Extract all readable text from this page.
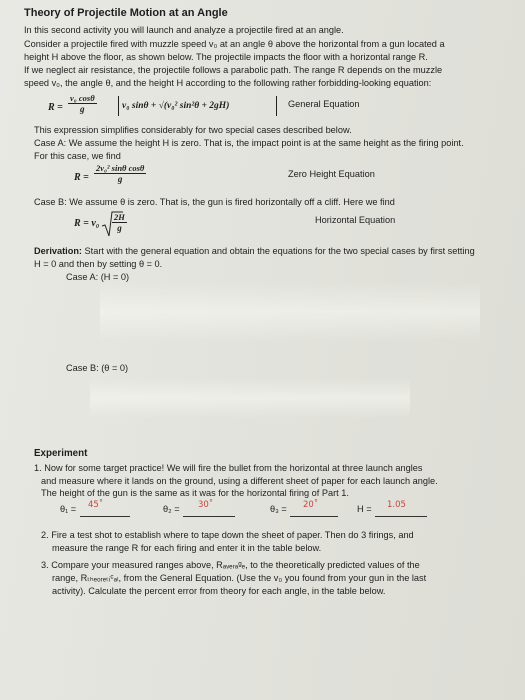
Theory of Projectile Motion at an Angle
In this second activity you will launch and analyze a projectile fired at an angle.
Consider a projectile fired with muzzle speed v₀ at an angle θ above the horizontal from a gun located a
height H above the floor, as shown below. The projectile impacts the floor with a horizontal range R.
If we neglect air resistance, the projectile follows a parabolic path. The range R depends on the muzzle
speed v₀, the angle θ, and the height H according to the following rather forbidding-looking equation:
$R = \frac{\text{v₀ cosθ}}{g}$	v₀ sinθ + √(v₀² sin²θ + 2gH)	General Equation
This expression simplifies considerably for two special cases described below.
Case A: We assume the height H is zero. That is, the impact point is at the same height as the firing point.
For this case, we find
$R = \frac{\text{2v₀² sinθ cosθ}}{g}$	Zero Height Equation
Case B: We assume θ is zero. That is, the gun is fired horizontally off a cliff. Here we find
$R = v_0 \frac{2H}{g}$	Horizontal Equation
Derivation: Start with the general equation and obtain the equations for the two special cases by first setting
H = 0 and then by setting θ = 0.
Case A: (H = 0)
Case B: (θ = 0)
Experiment
1. Now for some target practice! We will fire the bullet from the horizontal at three launch angles
and measure where it lands on the ground, using a different sheet of paper for each launch angle.
The height of the gun is the same as it was for the horizontal firing of Part 1.
θ₁ = 45˚	θ₂ = 30˚	θ₃ = 20˚	H = 1.05
2. Fire a test shot to establish where to tape down the sheet of paper. Then do 3 firings, and
measure the range R for each firing and enter it in the table below.
3. Compare your measured ranges above, Rₐᵥₑᵣₐᵍₑ, to the theoretically predicted values of the
range, Rₜₕₑₒᵣₑₜᵢᶜₐₗ, from the General Equation. (Use the v₀ you found from your gun in the last
activity). Calculate the percent error from theory for each angle, in the table below.
